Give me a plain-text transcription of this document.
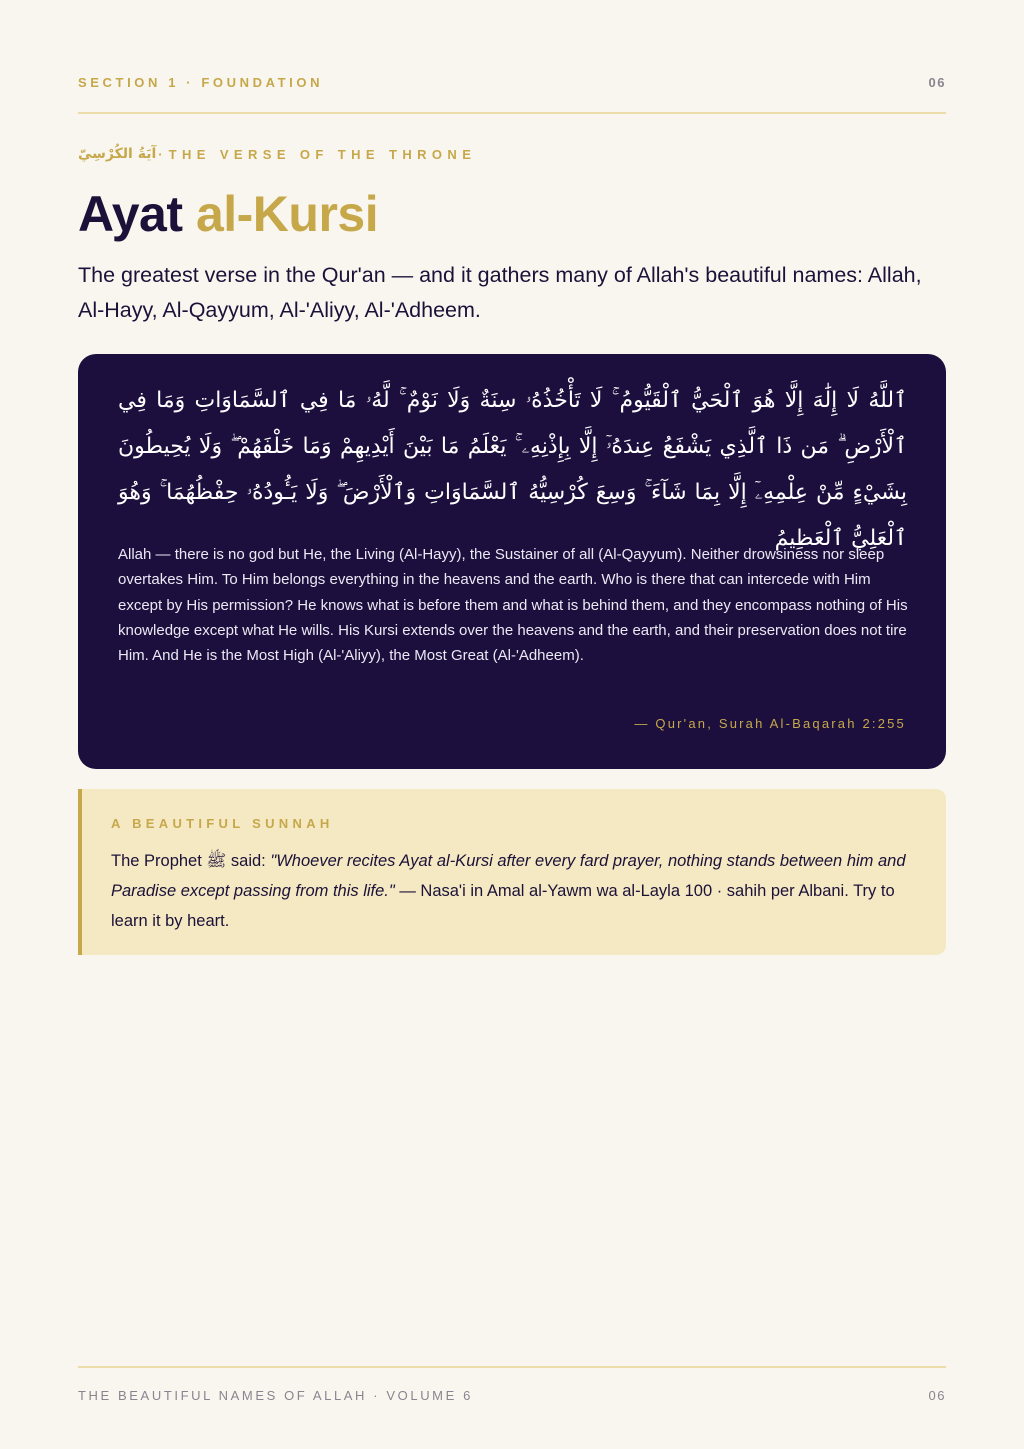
SECTION 1 · FOUNDATION	06
آيَةُ الكُرْسِيّ · THE VERSE OF THE THRONE
Ayat al-Kursi

The greatest verse in the Qur'an — and it gathers many of Allah's beautiful names: Allah, Al-Hayy, Al-Qayyum, Al-'Aliyy, Al-'Adheem.

ٱللَّهُ لَا إِلَٰهَ إِلَّا هُوَ ٱلْحَيُّ ٱلْقَيُّومُ ۚ لَا تَأْخُذُهُۥ سِنَةٌ وَلَا نَوْمٌ ۚ لَّهُۥ مَا فِي ٱلسَّمَاوَاتِ وَمَا فِي ٱلْأَرْضِ ۗ مَن ذَا ٱلَّذِي يَشْفَعُ عِندَهُۥٓ إِلَّا بِإِذْنِهِۦ ۚ يَعْلَمُ مَا بَيْنَ أَيْدِيهِمْ وَمَا خَلْفَهُمْ ۖ وَلَا يُحِيطُونَ بِشَيْءٍ مِّنْ عِلْمِهِۦٓ إِلَّا بِمَا شَآءَ ۚ وَسِعَ كُرْسِيُّهُ ٱلسَّمَاوَاتِ وَٱلْأَرْضَ ۖ وَلَا يَـُٔودُهُۥ حِفْظُهُمَا ۚ وَهُوَ ٱلْعَلِيُّ ٱلْعَظِيمُ

Allah — there is no god but He, the Living (Al-Hayy), the Sustainer of all (Al-Qayyum). Neither drowsiness nor sleep overtakes Him. To Him belongs everything in the heavens and the earth. Who is there that can intercede with Him except by His permission? He knows what is before them and what is behind them, and they encompass nothing of His knowledge except what He wills. His Kursi extends over the heavens and the earth, and their preservation does not tire Him. And He is the Most High (Al-'Aliyy), the Most Great (Al-'Adheem).

— Qur'an, Surah Al-Baqarah 2:255
A BEAUTIFUL SUNNAH

The Prophet ﷺ said: "Whoever recites Ayat al-Kursi after every fard prayer, nothing stands between him and Paradise except passing from this life." — Nasa'i in Amal al-Yawm wa al-Layla 100 · sahih per Albani. Try to learn it by heart.

THE BEAUTIFUL NAMES OF ALLAH · VOLUME 6	06
